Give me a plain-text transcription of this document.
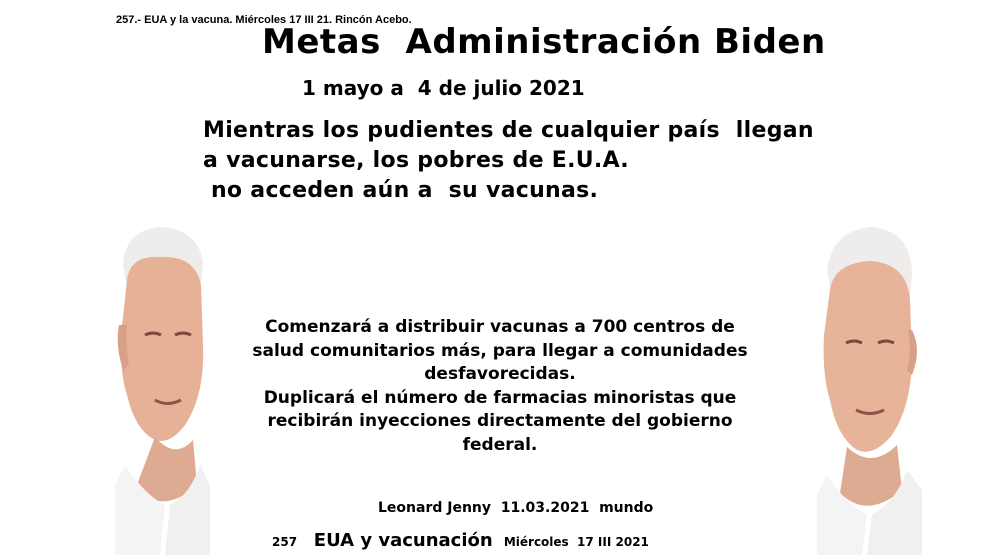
257.- EUA y la vacuna. Miércoles 17 III 21. Rincón Acebo.
Metas  Administración Biden
1 mayo a  4 de julio 2021
Mientras los pudientes de cualquier país  llegan
a vacunarse, los pobres de E.U.A.
no acceden aún a  su vacunas.

Comenzará a distribuir vacunas a 700 centros de salud comunitarios más, para llegar a comunidades desfavorecidas.

Duplicará el número de farmacias minoristas que recibirán inyecciones directamente del gobierno federal.

Leonard Jenny  11.03.2021  mundo
257 EUA y vacunación Miércoles  17 III 2021
